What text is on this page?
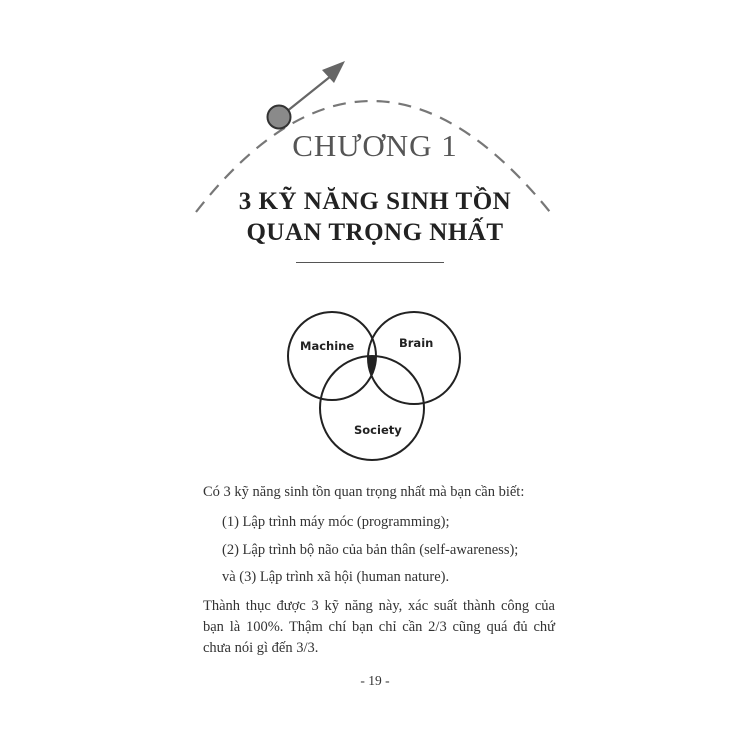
CHƯƠNG 1
3 KỸ NĂNG SINH TỒN
QUAN TRỌNG NHẤT
Machine	Brain
Society
Có 3 kỹ năng sinh tồn quan trọng nhất mà bạn cần biết:
(1) Lập trình máy móc (programming);
(2) Lập trình bộ não của bản thân (self-awareness);
và (3) Lập trình xã hội (human nature).
Thành thục được 3 kỹ năng này, xác suất thành công của bạn là 100%. Thậm chí bạn chỉ cần 2/3 cũng quá đủ chứ chưa nói gì đến 3/3.
- 19 -
